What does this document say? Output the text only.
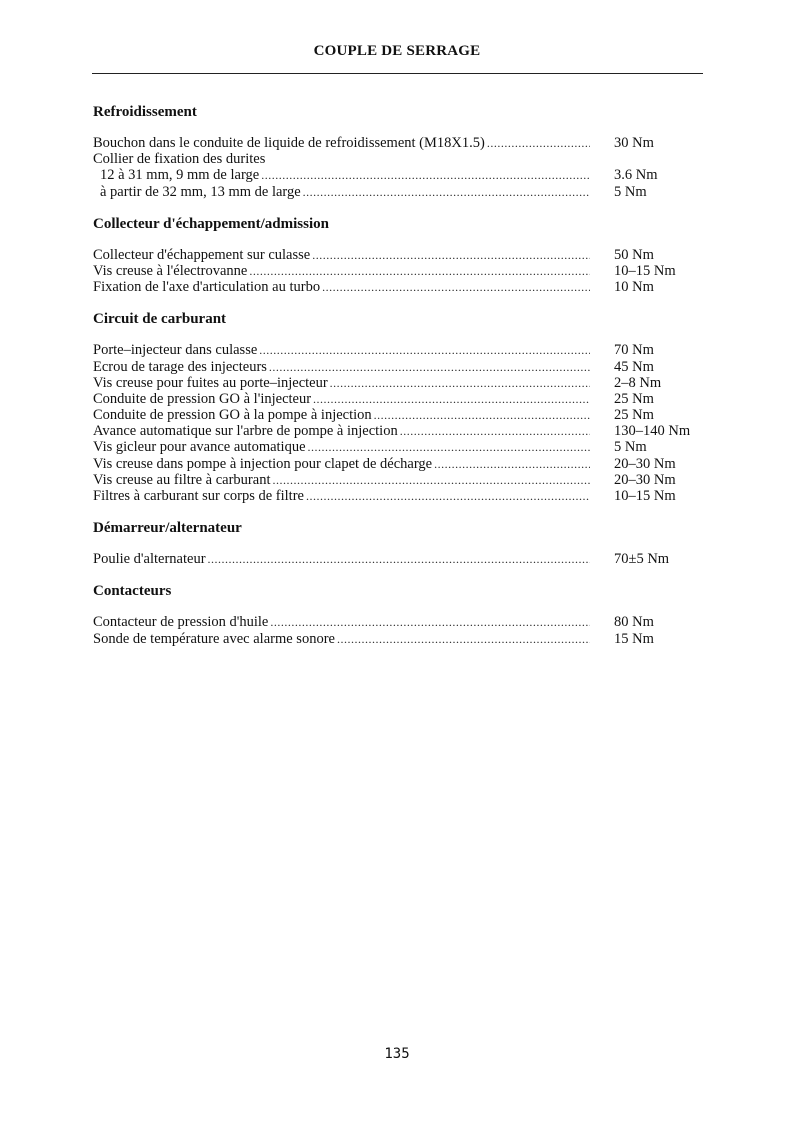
COUPLE DE SERRAGE
Refroidissement
Bouchon dans le conduite de liquide de refroidissement (M18X1.5) .....	30 Nm
Collier de fixation des durites
12 à 31 mm, 9 mm de large .....	3.6 Nm
à partir de 32 mm, 13 mm de large .....	5 Nm
Collecteur d'échappement/admission
Collecteur d'échappement sur culasse .....	50 Nm
Vis creuse à l'électrovanne .....	10–15 Nm
Fixation de l'axe d'articulation au turbo .....	10 Nm
Circuit de carburant
Porte–injecteur dans culasse .....	70 Nm
Ecrou de tarage des injecteurs .....	45 Nm
Vis creuse pour fuites au porte–injecteur .....	2–8 Nm
Conduite de pression GO à l'injecteur .....	25 Nm
Conduite de pression GO à la pompe à injection .....	25 Nm
Avance automatique sur l'arbre de pompe à injection .....	130–140 Nm
Vis gicleur pour avance automatique .....	5 Nm
Vis creuse dans pompe à injection pour clapet de décharge .....	20–30 Nm
Vis creuse au filtre à carburant .....	20–30 Nm
Filtres à carburant sur corps de filtre .....	10–15 Nm
Démarreur/alternateur
Poulie d'alternateur .....	70±5 Nm
Contacteurs
Contacteur de pression d'huile .....	80 Nm
Sonde de température avec alarme sonore .....	15 Nm
135
